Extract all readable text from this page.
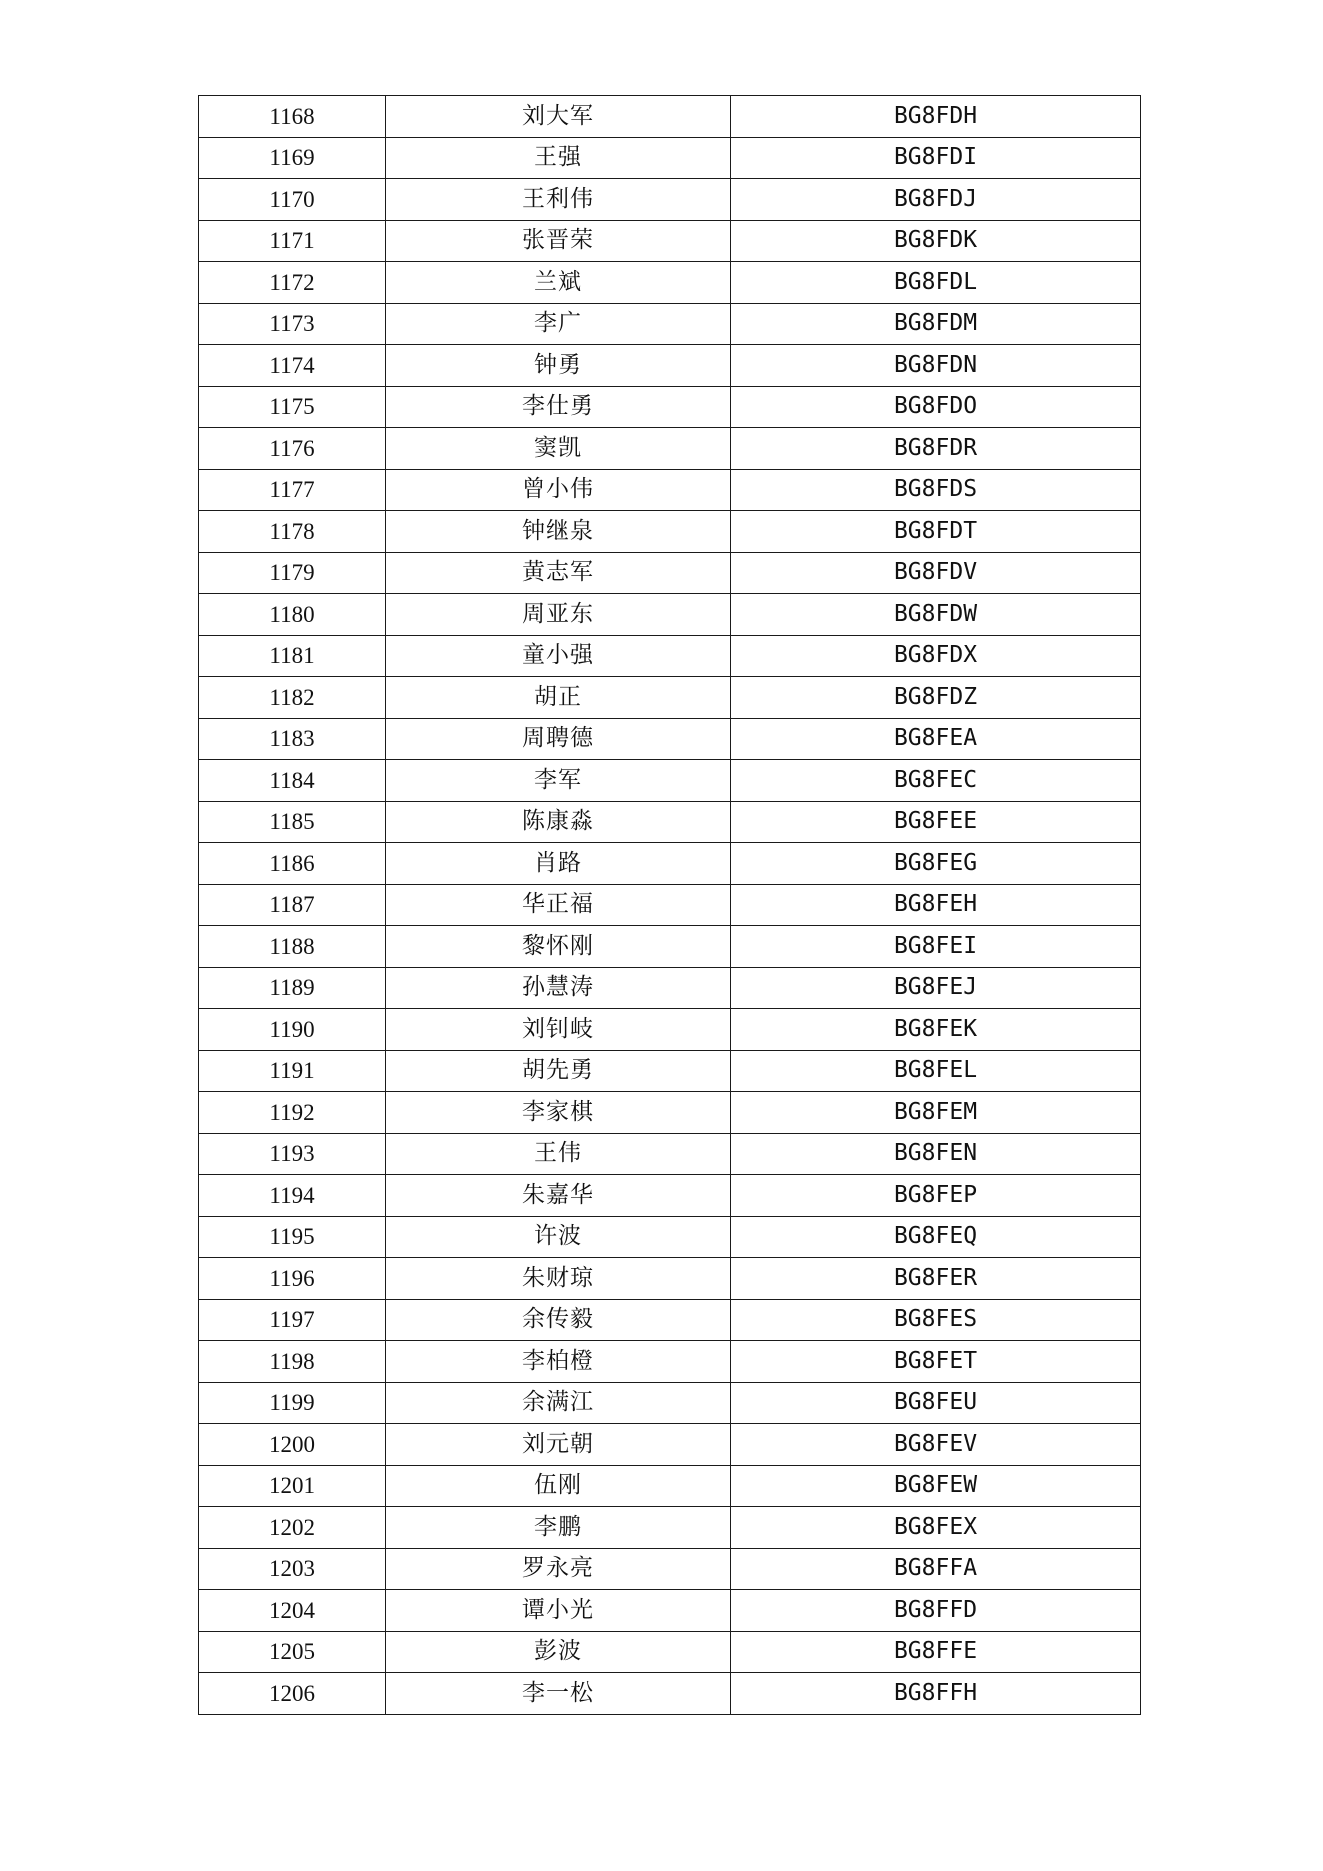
1168	刘大军	BG8FDH
1169	王强	BG8FDI
1170	王利伟	BG8FDJ
1171	张晋荣	BG8FDK
1172	兰斌	BG8FDL
1173	李广	BG8FDM
1174	钟勇	BG8FDN
1175	李仕勇	BG8FDO
1176	窦凯	BG8FDR
1177	曾小伟	BG8FDS
1178	钟继泉	BG8FDT
1179	黄志军	BG8FDV
1180	周亚东	BG8FDW
1181	童小强	BG8FDX
1182	胡正	BG8FDZ
1183	周聘德	BG8FEA
1184	李军	BG8FEC
1185	陈康淼	BG8FEE
1186	肖路	BG8FEG
1187	华正福	BG8FEH
1188	黎怀刚	BG8FEI
1189	孙慧涛	BG8FEJ
1190	刘钊岐	BG8FEK
1191	胡先勇	BG8FEL
1192	李家棋	BG8FEM
1193	王伟	BG8FEN
1194	朱嘉华	BG8FEP
1195	许波	BG8FEQ
1196	朱财琼	BG8FER
1197	余传毅	BG8FES
1198	李柏橙	BG8FET
1199	余满江	BG8FEU
1200	刘元朝	BG8FEV
1201	伍刚	BG8FEW
1202	李鹏	BG8FEX
1203	罗永亮	BG8FFA
1204	谭小光	BG8FFD
1205	彭波	BG8FFE
1206	李一松	BG8FFH
